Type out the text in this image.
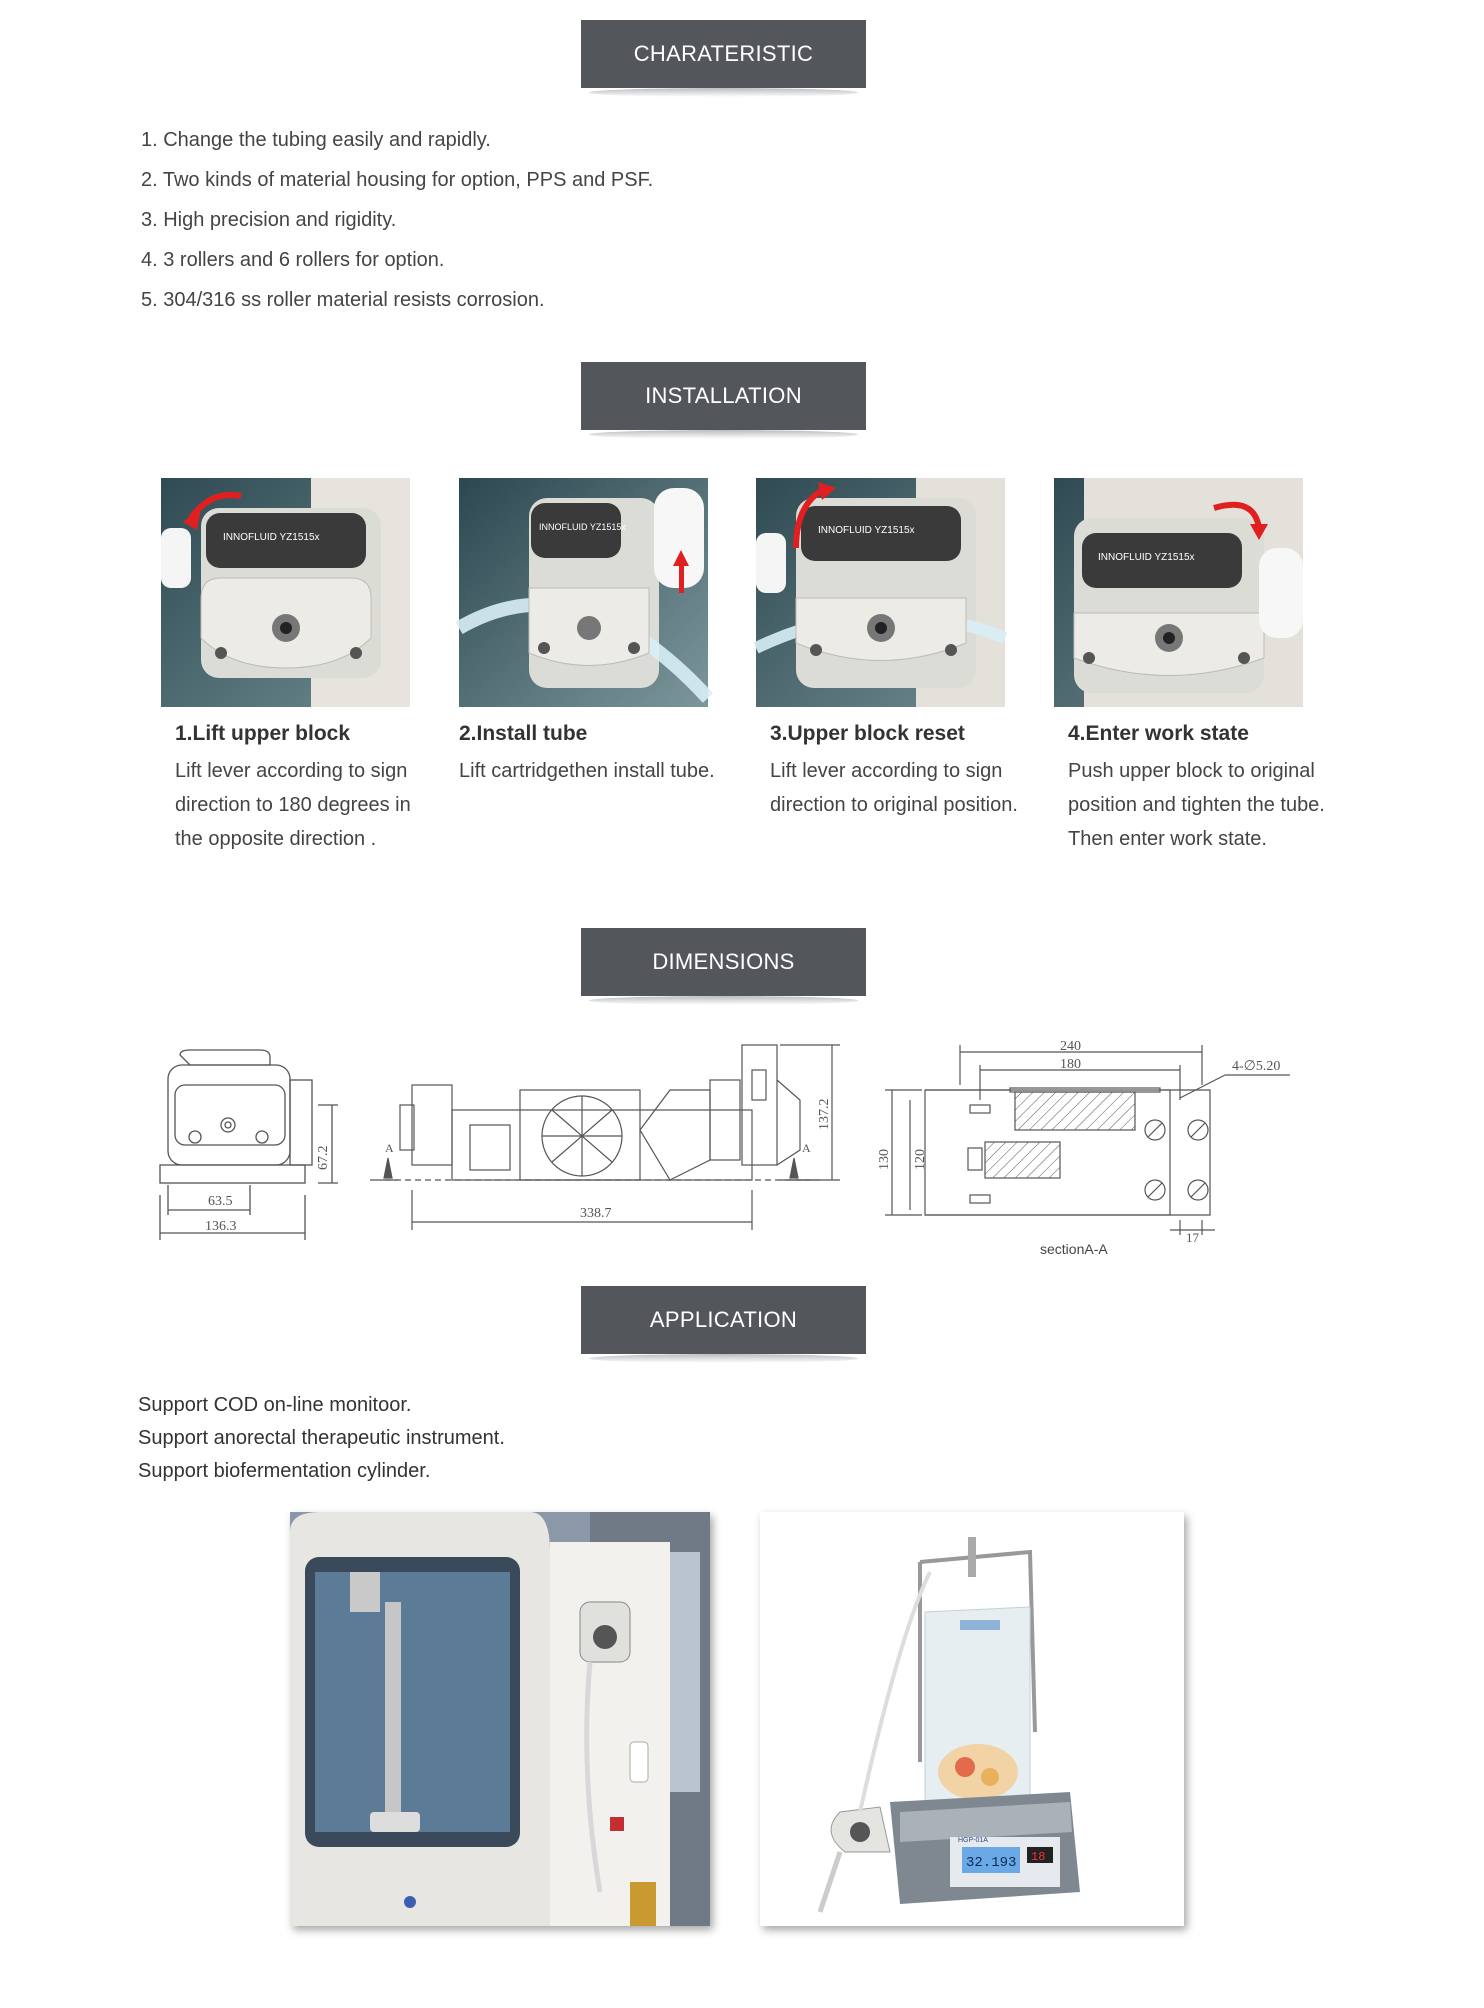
CHARATERISTIC
1. Change the tubing easily and rapidly.
2. Two kinds of material housing for option, PPS and PSF.
3. High precision and rigidity.
4. 3 rollers and 6 rollers for option.
5. 304/316 ss roller material resists corrosion.
INSTALLATION
INNOFLUID YZ1515x
INNOFLUID YZ1515x	INNOFLUID YZ1515x
INNOFLUID YZ1515x
1.Lift upper block	2.Install tube	3.Upper block reset	4.Enter work state
Lift lever according to sign direction to 180 degrees in the opposite direction .
Lift cartridgethen install tube.	Lift lever according to sign direction to original position.
Push upper block to original position and tighten the tube. Then enter work state.
DIMENSIONS
63.5
136.3
67.2	A	A
338.7
137.2
240
180	4-∅5.20
130 120
17
sectionA-A
APPLICATION
Support COD on-line monitoor.
Support anorectal therapeutic instrument.
Support biofermentation cylinder.
32.193 18
HGP-01A
